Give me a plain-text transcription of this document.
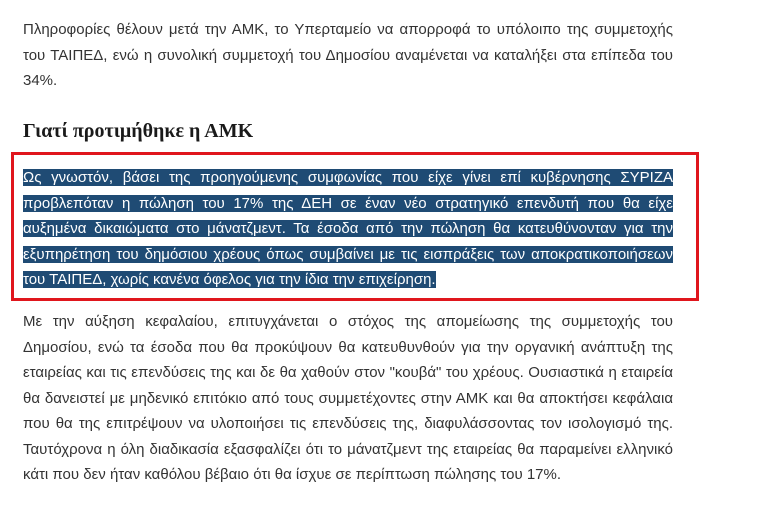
Πληροφορίες θέλουν μετά την ΑΜΚ, το Υπερταμείο να απορροφά το υπόλοιπο της συμμετοχής του ΤΑΙΠΕΔ, ενώ η συνολική συμμετοχή του Δημοσίου αναμένεται να καταλήξει στα επίπεδα του 34%.

Γιατί προτιμήθηκε η ΑΜΚ

Ως γνωστόν, βάσει της προηγούμενης συμφωνίας που είχε γίνει επί κυβέρνησης ΣΥΡΙΖΑ προβλεπόταν η πώληση του 17% της ΔΕΗ σε έναν νέο στρατηγικό επενδυτή που θα είχε αυξημένα δικαιώματα στο μάνατζμεντ. Τα έσοδα από την πώληση θα κατευθύνονταν για την εξυπηρέτηση του δημόσιου χρέους όπως συμβαίνει με τις εισπράξεις των αποκρατικοποιήσεων του ΤΑΙΠΕΔ, χωρίς κανένα όφελος για την ίδια την επιχείρηση.

Με την αύξηση κεφαλαίου, επιτυγχάνεται ο στόχος της απομείωσης της συμμετοχής του Δημοσίου, ενώ τα έσοδα που θα προκύψουν θα κατευθυνθούν για την οργανική ανάπτυξη της εταιρείας και τις επενδύσεις της και δε θα χαθούν στον "κουβά" του χρέους. Ουσιαστικά η εταιρεία θα δανειστεί με μηδενικό επιτόκιο από τους συμμετέχοντες στην ΑΜΚ και θα αποκτήσει κεφάλαια που θα της επιτρέψουν να υλοποιήσει τις επενδύσεις της, διαφυλάσσοντας τον ισολογισμό της. Ταυτόχρονα η όλη διαδικασία εξασφαλίζει ότι το μάνατζμεντ της εταιρείας θα παραμείνει ελληνικό κάτι που δεν ήταν καθόλου βέβαιο ότι θα ίσχυε σε περίπτωση πώλησης του 17%.
